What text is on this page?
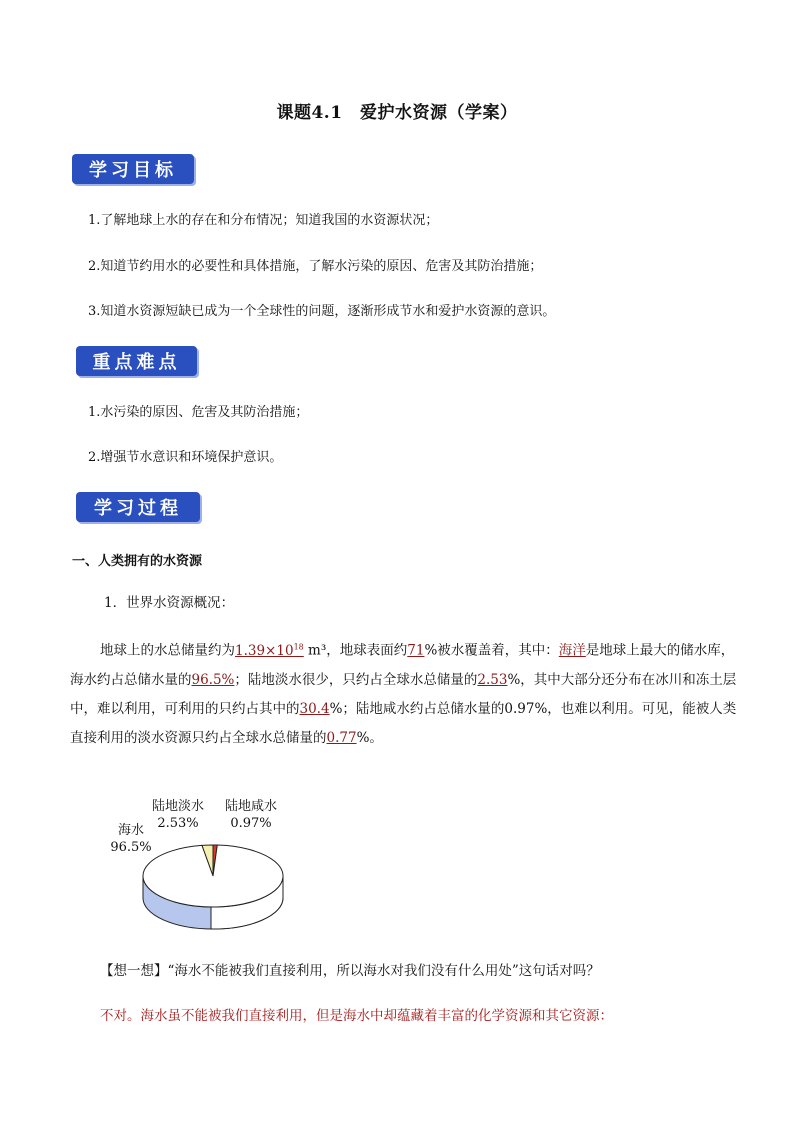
课题4.1　爱护水资源（学案）
学习目标
1.了解地球上水的存在和分布情况；知道我国的水资源状况；
2.知道节约用水的必要性和具体措施，了解水污染的原因、危害及其防治措施；
3.知道水资源短缺已成为一个全球性的问题，逐渐形成节水和爱护水资源的意识。
重点难点
1.水污染的原因、危害及其防治措施；
2.增强节水意识和环境保护意识。
学习过程
一、人类拥有的水资源
1．世界水资源概况：
地球上的水总储量约为$1.39\times 10^{18}$ m³，地球表面约71%被水覆盖着，其中：海洋是地球上最大的储水库，海水约占总储水量的96.5%；陆地淡水很少，只约占全球水总储量的2.53%，其中大部分还分布在冰川和冻土层中，难以利用，可利用的只约占其中的30.4%；陆地咸水约占总储水量的0.97%，也难以利用。可见，能被人类直接利用的淡水资源只约占全球水总储量的0.77%。
海水
96.5%
陆地淡水
2.53%
陆地咸水
0.97%
【想一想】“海水不能被我们直接利用，所以海水对我们没有什么用处”这句话对吗？
不对。海水虽不能被我们直接利用，但是海水中却蕴藏着丰富的化学资源和其它资源：
